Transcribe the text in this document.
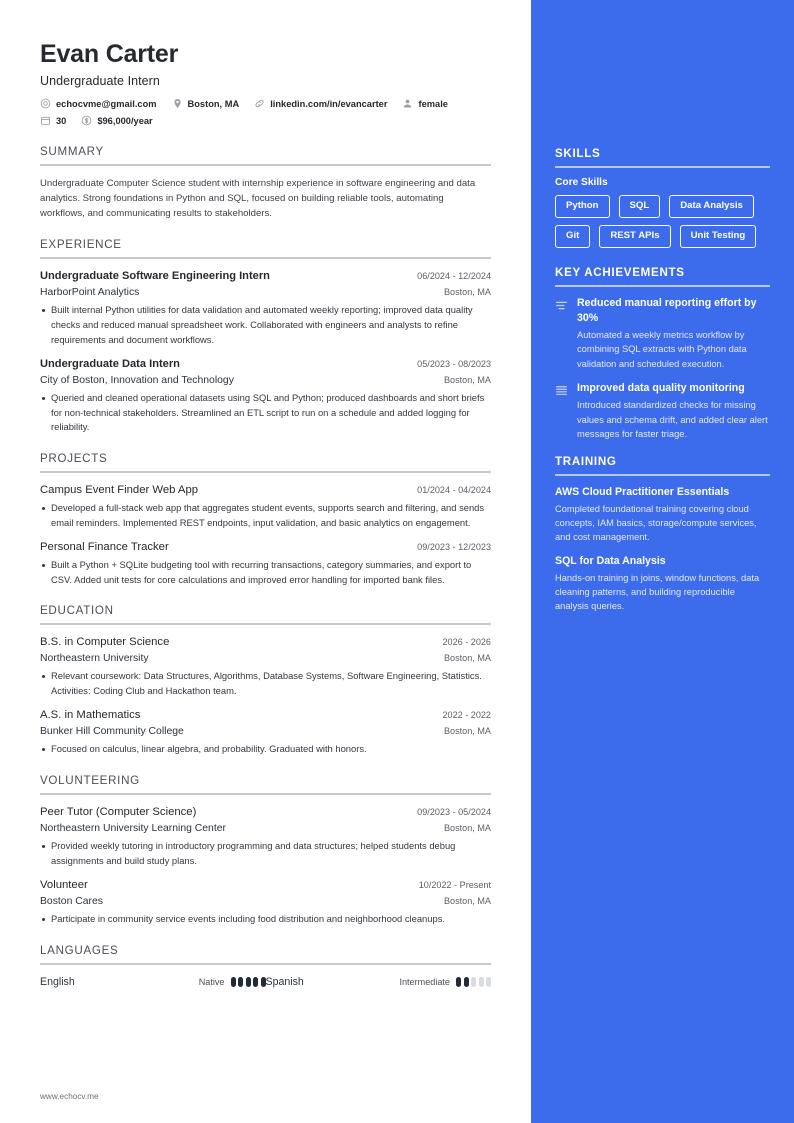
Evan Carter
Undergraduate Intern
echocvme@gmail.com	Boston, MA	linkedin.com/in/evancarter	female
30	$96,000/year
SUMMARY
Undergraduate Computer Science student with internship experience in software engineering and data analytics. Strong foundations in Python and SQL, focused on building reliable tools, automating workflows, and communicating results to stakeholders.
EXPERIENCE
Undergraduate Software Engineering Intern	06/2024 - 12/2024
HarborPoint Analytics	Boston, MA
Built internal Python utilities for data validation and automated weekly reporting; improved data quality checks and reduced manual spreadsheet work. Collaborated with engineers and analysts to refine requirements and document workflows.
Undergraduate Data Intern	05/2023 - 08/2023
City of Boston, Innovation and Technology	Boston, MA
Queried and cleaned operational datasets using SQL and Python; produced dashboards and short briefs for non-technical stakeholders. Streamlined an ETL script to run on a schedule and added logging for reliability.
PROJECTS
Campus Event Finder Web App	01/2024 - 04/2024
Developed a full-stack web app that aggregates student events, supports search and filtering, and sends email reminders. Implemented REST endpoints, input validation, and basic analytics on engagement.
Personal Finance Tracker	09/2023 - 12/2023
Built a Python + SQLite budgeting tool with recurring transactions, category summaries, and export to CSV. Added unit tests for core calculations and improved error handling for imported bank files.
EDUCATION
B.S. in Computer Science	2026 - 2026
Northeastern University	Boston, MA
Relevant coursework: Data Structures, Algorithms, Database Systems, Software Engineering, Statistics. Activities: Coding Club and Hackathon team.
A.S. in Mathematics	2022 - 2022
Bunker Hill Community College	Boston, MA
Focused on calculus, linear algebra, and probability. Graduated with honors.
VOLUNTEERING
Peer Tutor (Computer Science)	09/2023 - 05/2024
Northeastern University Learning Center	Boston, MA
Provided weekly tutoring in introductory programming and data structures; helped students debug assignments and build study plans.
Volunteer	10/2022 - Present
Boston Cares	Boston, MA
Participate in community service events including food distribution and neighborhood cleanups.
LANGUAGES
English	Native	Spanish	Intermediate
www.echocv.me
SKILLS
Core Skills
Python	SQL	Data Analysis
Git	REST APIs	Unit Testing
KEY ACHIEVEMENTS
Reduced manual reporting effort by 30%
Automated a weekly metrics workflow by combining SQL extracts with Python data validation and scheduled execution.
Improved data quality monitoring
Introduced standardized checks for missing values and schema drift, and added clear alert messages for faster triage.
TRAINING
AWS Cloud Practitioner Essentials
Completed foundational training covering cloud concepts, IAM basics, storage/compute services, and cost management.
SQL for Data Analysis
Hands-on training in joins, window functions, data cleaning patterns, and building reproducible analysis queries.
